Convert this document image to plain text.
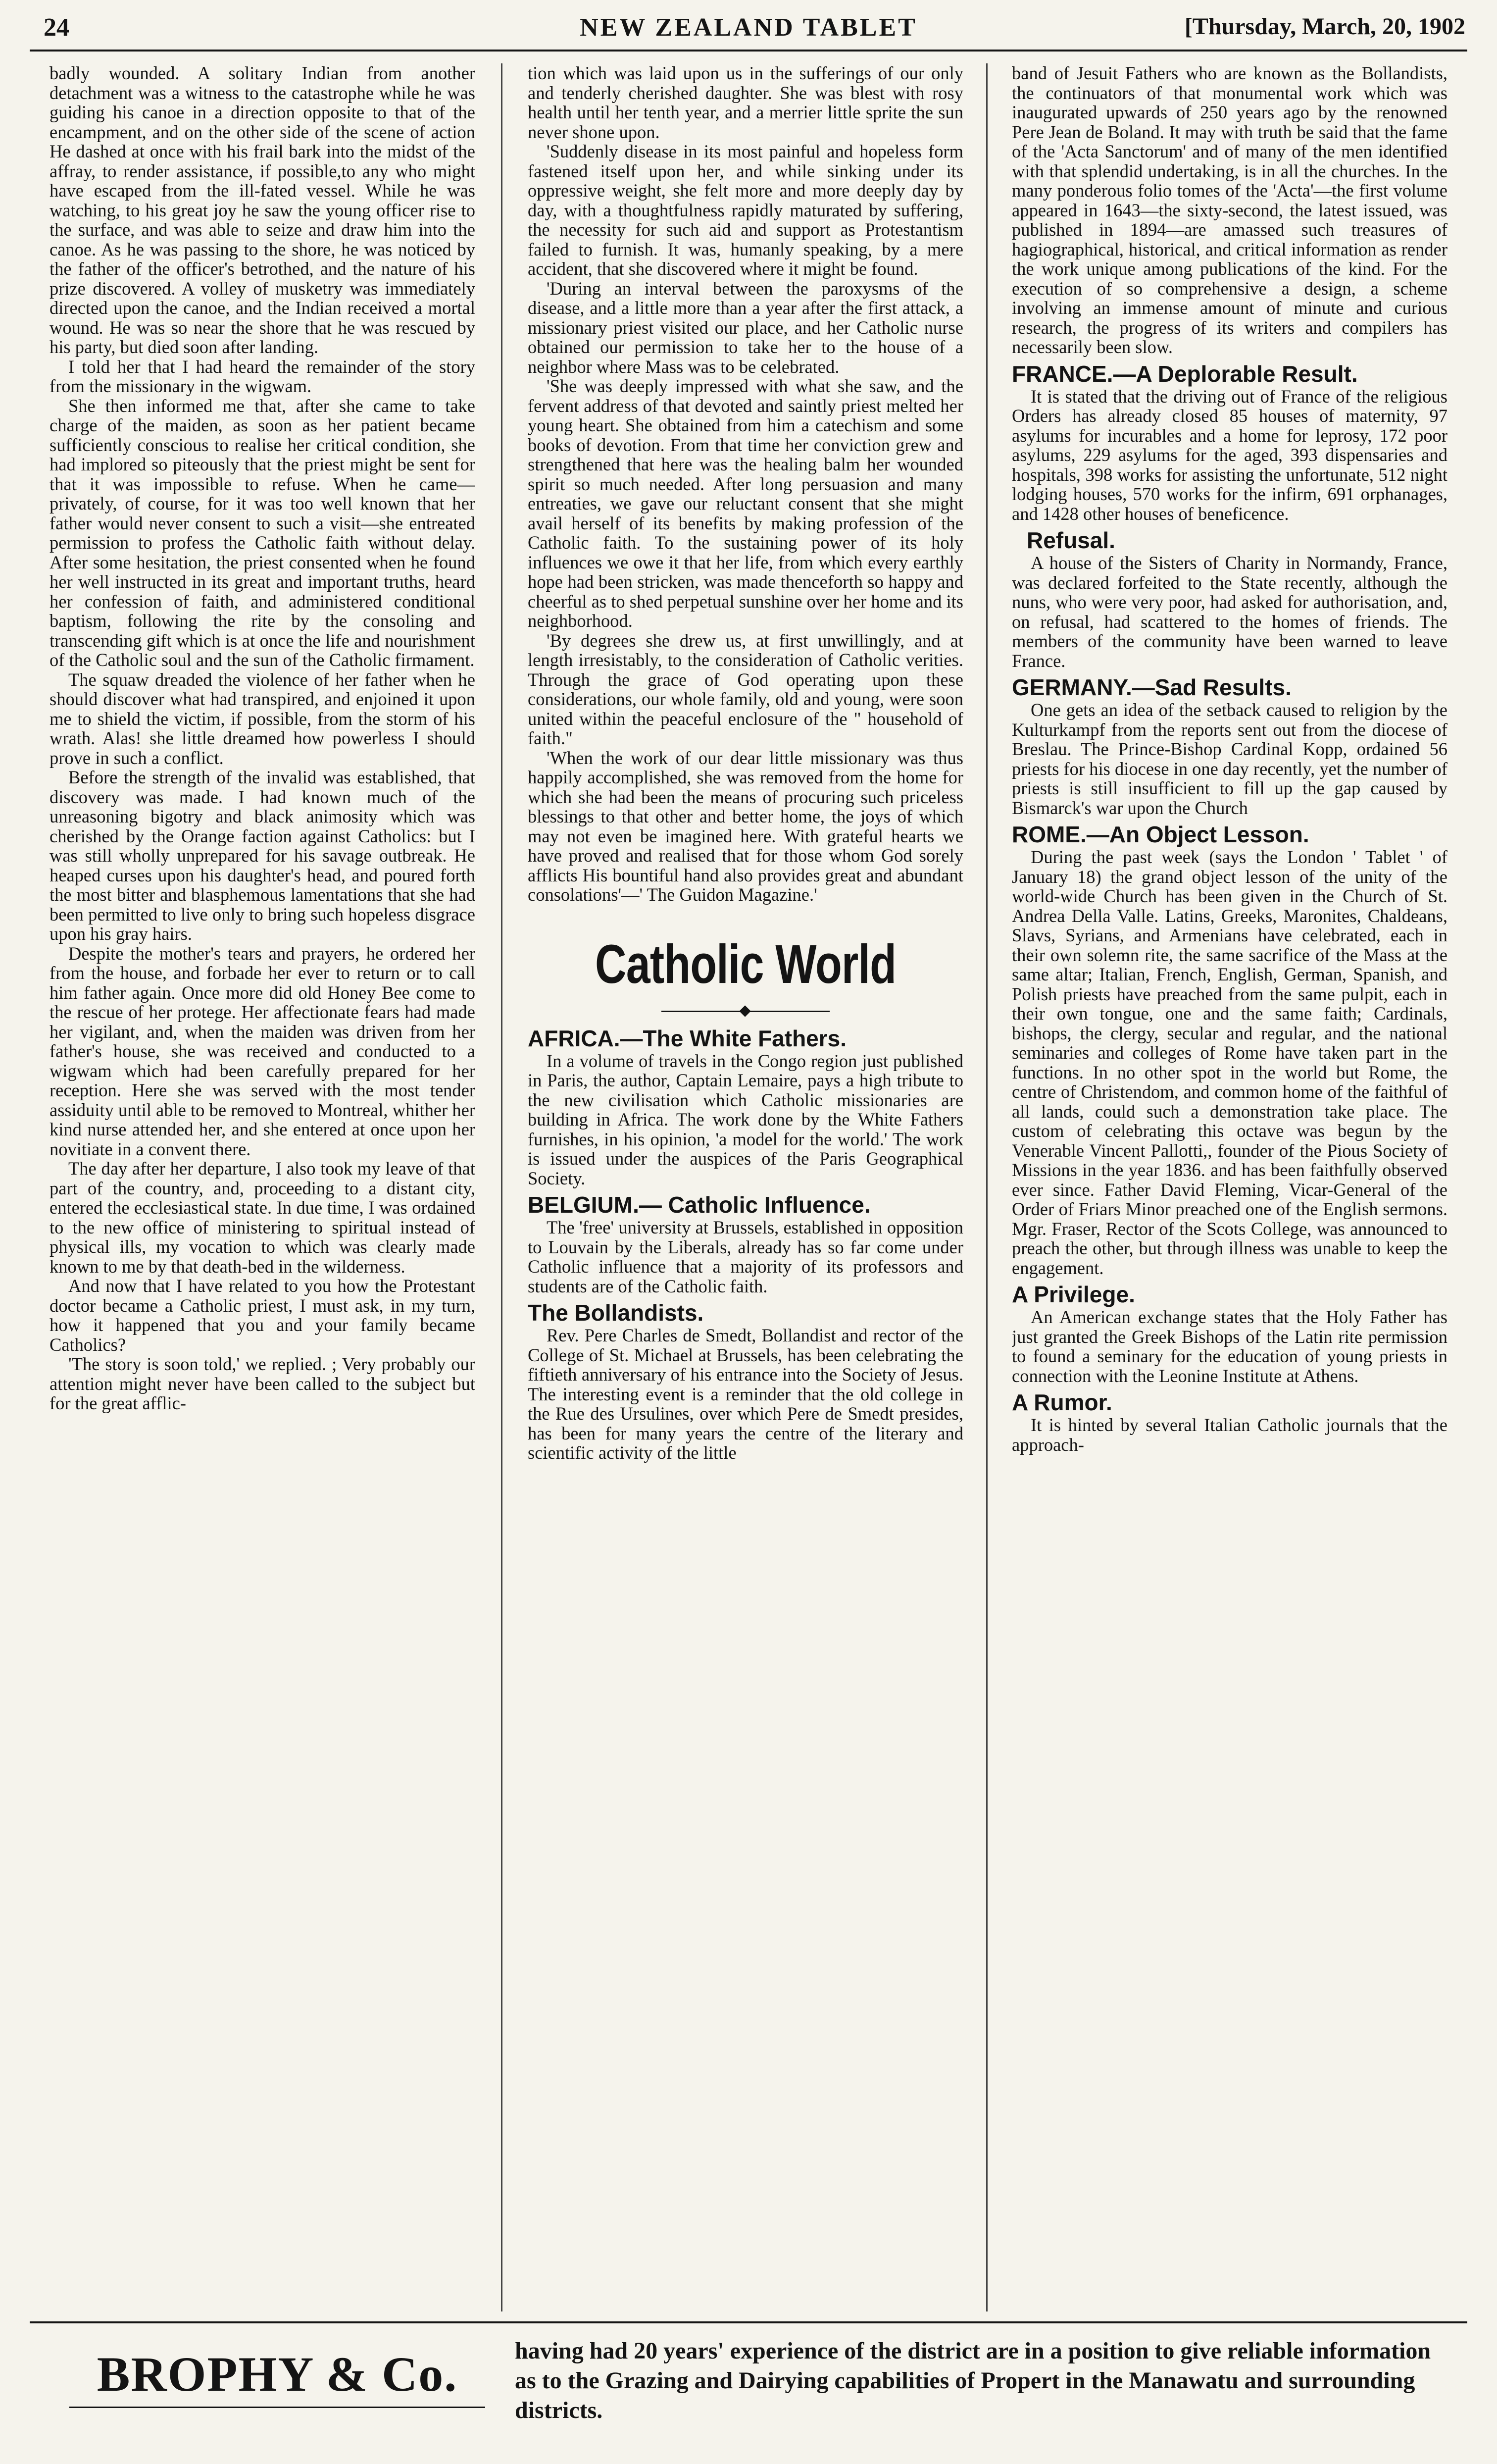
24	NEW ZEALAND TABLET	[Thursday, March, 20, 1902

badly wounded. A solitary Indian from another detachment was a witness to the catastrophe while he was guiding his canoe in a direction opposite to that of the encampment, and on the other side of the scene of action He dashed at once with his frail bark into the midst of the affray, to render assistance, if possible,to any who might have escaped from the ill-fated vessel. While he was watching, to his great joy he saw the young officer rise to the surface, and was able to seize and draw him into the canoe. As he was passing to the shore, he was noticed by the father of the officer's betrothed, and the nature of his prize discovered. A volley of musketry was immediately directed upon the canoe, and the Indian received a mortal wound. He was so near the shore that he was rescued by his party, but died soon after landing.

I told her that I had heard the remainder of the story from the missionary in the wigwam.

She then informed me that, after she came to take charge of the maiden, as soon as her patient became sufficiently conscious to realise her critical condition, she had implored so piteously that the priest might be sent for that it was impossible to refuse. When he came—privately, of course, for it was too well known that her father would never consent to such a visit—she entreated permission to profess the Catholic faith without delay. After some hesitation, the priest consented when he found her well instructed in its great and important truths, heard her confession of faith, and administered conditional baptism, following the rite by the consoling and transcending gift which is at once the life and nourishment of the Catholic soul and the sun of the Catholic firmament.

The squaw dreaded the violence of her father when he should discover what had transpired, and enjoined it upon me to shield the victim, if possible, from the storm of his wrath. Alas! she little dreamed how powerless I should prove in such a conflict.

Before the strength of the invalid was established, that discovery was made. I had known much of the unreasoning bigotry and black animosity which was cherished by the Orange faction against Catholics: but I was still wholly unprepared for his savage outbreak. He heaped curses upon his daughter's head, and poured forth the most bitter and blasphemous lamentations that she had been permitted to live only to bring such hopeless disgrace upon his gray hairs.

Despite the mother's tears and prayers, he ordered her from the house, and forbade her ever to return or to call him father again. Once more did old Honey Bee come to the rescue of her protege. Her affectionate fears had made her vigilant, and, when the maiden was driven from her father's house, she was received and conducted to a wigwam which had been carefully prepared for her reception. Here she was served with the most tender assiduity until able to be removed to Montreal, whither her kind nurse attended her, and she entered at once upon her novitiate in a convent there.

The day after her departure, I also took my leave of that part of the country, and, proceeding to a distant city, entered the ecclesiastical state. In due time, I was ordained to the new office of ministering to spiritual instead of physical ills, my vocation to which was clearly made known to me by that death-bed in the wilderness.

And now that I have related to you how the Protestant doctor became a Catholic priest, I must ask, in my turn, how it happened that you and your family became Catholics?

'The story is soon told,' we replied. ; Very probably our attention might never have been called to the subject but for the great afflic-

tion which was laid upon us in the sufferings of our only and tenderly cherished daughter. She was blest with rosy health until her tenth year, and a merrier little sprite the sun never shone upon.

'Suddenly disease in its most painful and hopeless form fastened itself upon her, and while sinking under its oppressive weight, she felt more and more deeply day by day, with a thoughtfulness rapidly maturated by suffering, the necessity for such aid and support as Protestantism failed to furnish. It was, humanly speaking, by a mere accident, that she discovered where it might be found.

'During an interval between the paroxysms of the disease, and a little more than a year after the first attack, a missionary priest visited our place, and her Catholic nurse obtained our permission to take her to the house of a neighbor where Mass was to be celebrated.

'She was deeply impressed with what she saw, and the fervent address of that devoted and saintly priest melted her young heart. She obtained from him a catechism and some books of devotion. From that time her conviction grew and strengthened that here was the healing balm her wounded spirit so much needed. After long persuasion and many entreaties, we gave our reluctant consent that she might avail herself of its benefits by making profession of the Catholic faith. To the sustaining power of its holy influences we owe it that her life, from which every earthly hope had been stricken, was made thenceforth so happy and cheerful as to shed perpetual sunshine over her home and its neighborhood.

'By degrees she drew us, at first unwillingly, and at length irresistably, to the consideration of Catholic verities. Through the grace of God operating upon these considerations, our whole family, old and young, were soon united within the peaceful enclosure of the " household of faith."

'When the work of our dear little missionary was thus happily accomplished, she was removed from the home for which she had been the means of procuring such priceless blessings to that other and better home, the joys of which may not even be imagined here. With grateful hearts we have proved and realised that for those whom God sorely afflicts His bountiful hand also provides great and abundant consolations'—' The Guidon Magazine.'

Catholic World
AFRICA.—The White Fathers.

In a volume of travels in the Congo region just published in Paris, the author, Captain Lemaire, pays a high tribute to the new civilisation which Catholic missionaries are building in Africa. The work done by the White Fathers furnishes, in his opinion, 'a model for the world.' The work is issued under the auspices of the Paris Geographical Society.

BELGIUM.— Catholic Influence.

The 'free' university at Brussels, established in opposition to Louvain by the Liberals, already has so far come under Catholic influence that a majority of its professors and students are of the Catholic faith.

The Bollandists.

Rev. Pere Charles de Smedt, Bollandist and rector of the College of St. Michael at Brussels, has been celebrating the fiftieth anniversary of his entrance into the Society of Jesus. The interesting event is a reminder that the old college in the Rue des Ursulines, over which Pere de Smedt presides, has been for many years the centre of the literary and scientific activity of the little

band of Jesuit Fathers who are known as the Bollandists, the continuators of that monumental work which was inaugurated upwards of 250 years ago by the renowned Pere Jean de Boland. It may with truth be said that the fame of the 'Acta Sanctorum' and of many of the men identified with that splendid undertaking, is in all the churches. In the many ponderous folio tomes of the 'Acta'—the first volume appeared in 1643—the sixty-second, the latest issued, was published in 1894—are amassed such treasures of hagiographical, historical, and critical information as render the work unique among publications of the kind. For the execution of so comprehensive a design, a scheme involving an immense amount of minute and curious research, the progress of its writers and compilers has necessarily been slow.

FRANCE.—A Deplorable Result.

It is stated that the driving out of France of the religious Orders has already closed 85 houses of maternity, 97 asylums for incurables and a home for leprosy, 172 poor asylums, 229 asylums for the aged, 393 dispensaries and hospitals, 398 works for assisting the unfortunate, 512 night lodging houses, 570 works for the infirm, 691 orphanages, and 1428 other houses of beneficence.

Refusal.

A house of the Sisters of Charity in Normandy, France, was declared forfeited to the State recently, although the nuns, who were very poor, had asked for authorisation, and, on refusal, had scattered to the homes of friends. The members of the community have been warned to leave France.

GERMANY.—Sad Results.

One gets an idea of the setback caused to religion by the Kulturkampf from the reports sent out from the diocese of Breslau. The Prince-Bishop Cardinal Kopp, ordained 56 priests for his diocese in one day recently, yet the number of priests is still insufficient to fill up the gap caused by Bismarck's war upon the Church

ROME.—An Object Lesson.

During the past week (says the London ' Tablet ' of January 18) the grand object lesson of the unity of the world-wide Church has been given in the Church of St. Andrea Della Valle. Latins, Greeks, Maronites, Chaldeans, Slavs, Syrians, and Armenians have celebrated, each in their own solemn rite, the same sacrifice of the Mass at the same altar; Italian, French, English, German, Spanish, and Polish priests have preached from the same pulpit, each in their own tongue, one and the same faith; Cardinals, bishops, the clergy, secular and regular, and the national seminaries and colleges of Rome have taken part in the functions. In no other spot in the world but Rome, the centre of Christendom, and common home of the faithful of all lands, could such a demonstration take place. The custom of celebrating this octave was begun by the Venerable Vincent Pallotti,, founder of the Pious Society of Missions in the year 1836. and has been faithfully observed ever since. Father David Fleming, Vicar-General of the Order of Friars Minor preached one of the English sermons. Mgr. Fraser, Rector of the Scots College, was announced to preach the other, but through illness was unable to keep the engagement.

A Privilege.

An American exchange states that the Holy Father has just granted the Greek Bishops of the Latin rite permission to found a seminary for the education of young priests in connection with the Leonine Institute at Athens.

A Rumor.

It is hinted by several Italian Catholic journals that the approach-

BROPHY & Co.	having had 20 years' experience of the district are in a position to give reliable information as to the Grazing and Dairying capabilities of Propert in the Manawatu and surrounding districts.
